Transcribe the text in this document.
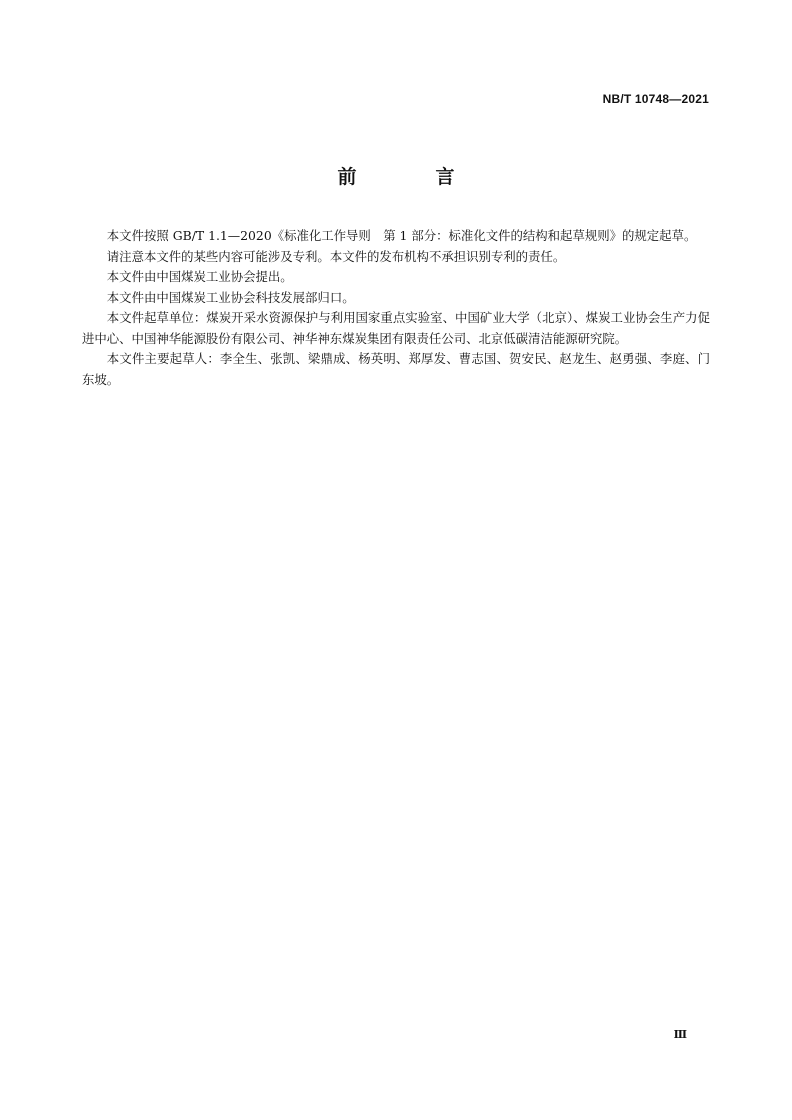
NB/T 10748—2021
前　言

本文件按照 GB/T 1.1—2020《标准化工作导则　第 1 部分：标准化文件的结构和起草规则》的规定起草。

请注意本文件的某些内容可能涉及专利。本文件的发布机构不承担识别专利的责任。

本文件由中国煤炭工业协会提出。

本文件由中国煤炭工业协会科技发展部归口。

本文件起草单位：煤炭开采水资源保护与利用国家重点实验室、中国矿业大学（北京）、煤炭工业协会生产力促进中心、中国神华能源股份有限公司、神华神东煤炭集团有限责任公司、北京低碳清洁能源研究院。

本文件主要起草人：李全生、张凯、梁鼎成、杨英明、郑厚发、曹志国、贺安民、赵龙生、赵勇强、李庭、门东坡。

Ⅲ
